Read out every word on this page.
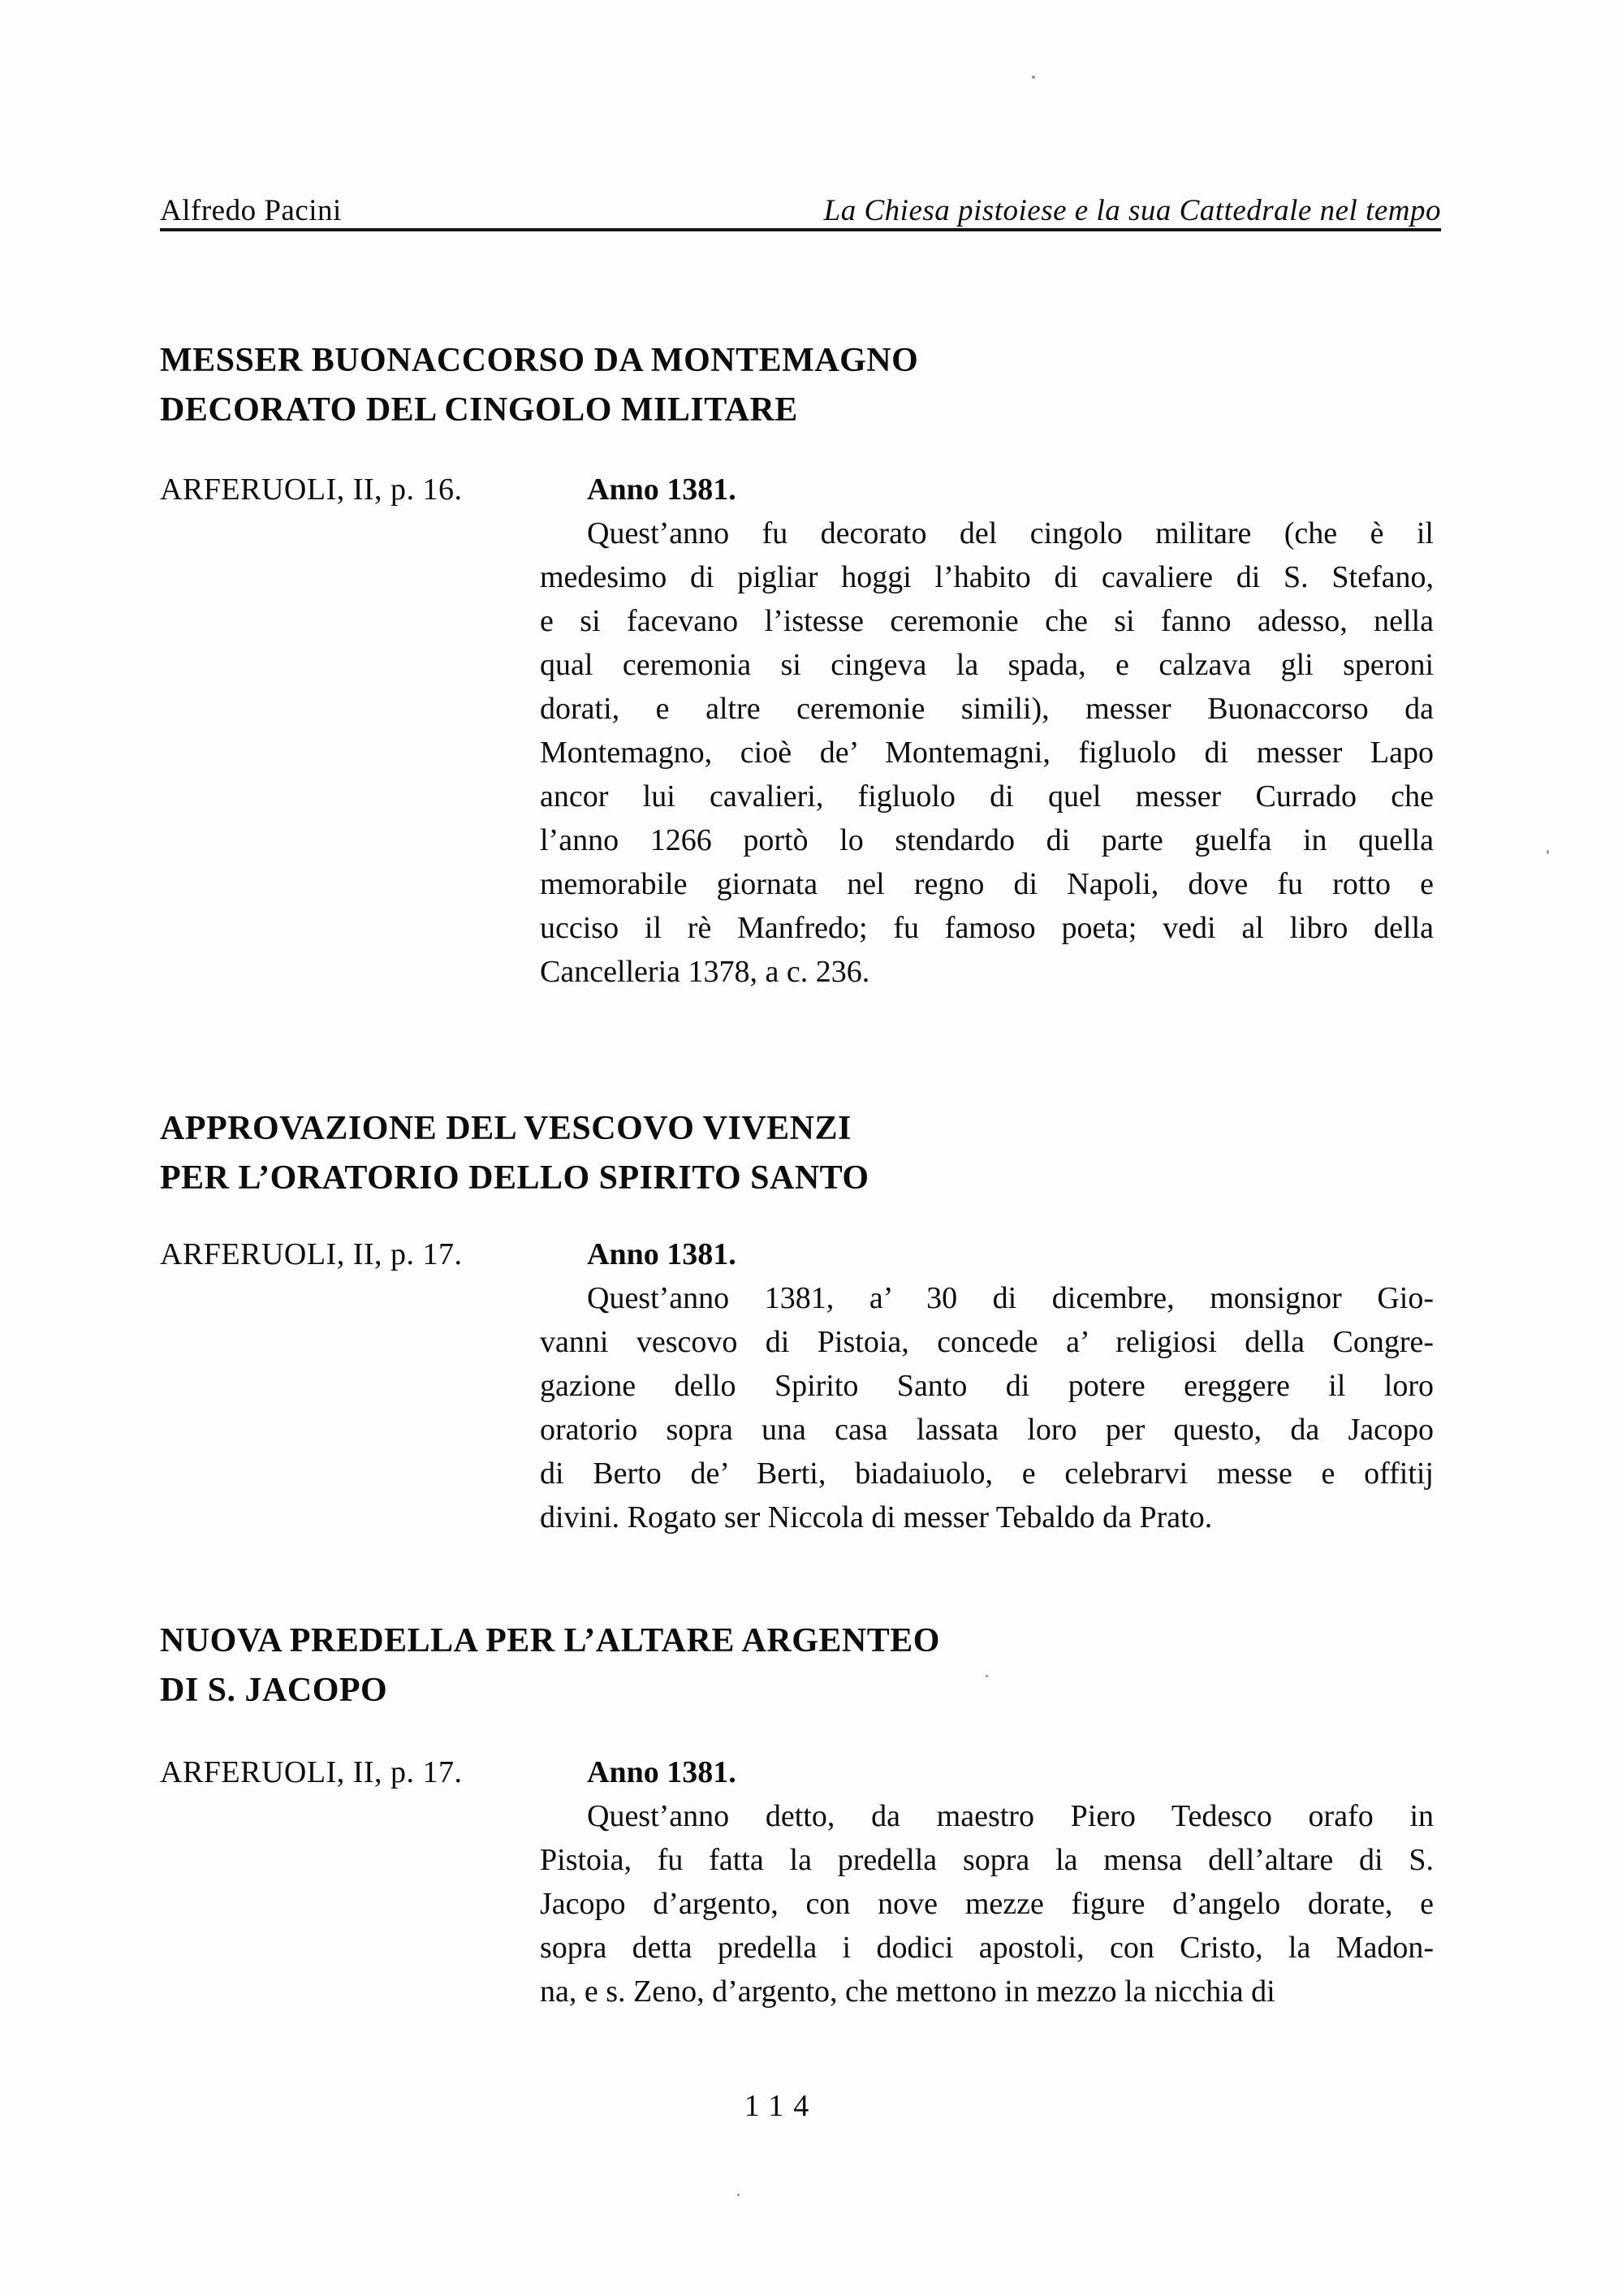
Alfredo Pacini	La Chiesa pistoiese e la sua Cattedrale nel tempo
MESSER BUONACCORSO DA MONTEMAGNO
DECORATO DEL CINGOLO MILITARE
ARFERUOLI, II, p. 16.	Anno 1381.
Quest’anno fu decorato del cingolo militare (che è il
medesimo di pigliar hoggi l’habito di cavaliere di S. Stefano,
e si facevano l’istesse ceremonie che si fanno adesso, nella
qual ceremonia si cingeva la spada, e calzava gli speroni
dorati, e altre ceremonie simili), messer Buonaccorso da
Montemagno, cioè de’ Montemagni, figluolo di messer Lapo
ancor lui cavalieri, figluolo di quel messer Currado che
l’anno 1266 portò lo stendardo di parte guelfa in quella
memorabile giornata nel regno di Napoli, dove fu rotto e
ucciso il rè Manfredo; fu famoso poeta; vedi al libro della
Cancelleria 1378, a c. 236.
APPROVAZIONE DEL VESCOVO VIVENZI
PER L’ORATORIO DELLO SPIRITO SANTO
ARFERUOLI, II, p. 17.	Anno 1381.
Quest’anno 1381, a’ 30 di dicembre, monsignor Gio-
vanni vescovo di Pistoia, concede a’ religiosi della Congre-
gazione dello Spirito Santo di potere ereggere il loro
oratorio sopra una casa lassata loro per questo, da Jacopo
di Berto de’ Berti, biadaiuolo, e celebrarvi messe e offitij
divini. Rogato ser Niccola di messer Tebaldo da Prato.
NUOVA PREDELLA PER L’ALTARE ARGENTEO
DI S. JACOPO
ARFERUOLI, II, p. 17.	Anno 1381.
Quest’anno detto, da maestro Piero Tedesco orafo in
Pistoia, fu fatta la predella sopra la mensa dell’altare di S.
Jacopo d’argento, con nove mezze figure d’angelo dorate, e
sopra detta predella i dodici apostoli, con Cristo, la Madon-
na, e s. Zeno, d’argento, che mettono in mezzo la nicchia di
114
